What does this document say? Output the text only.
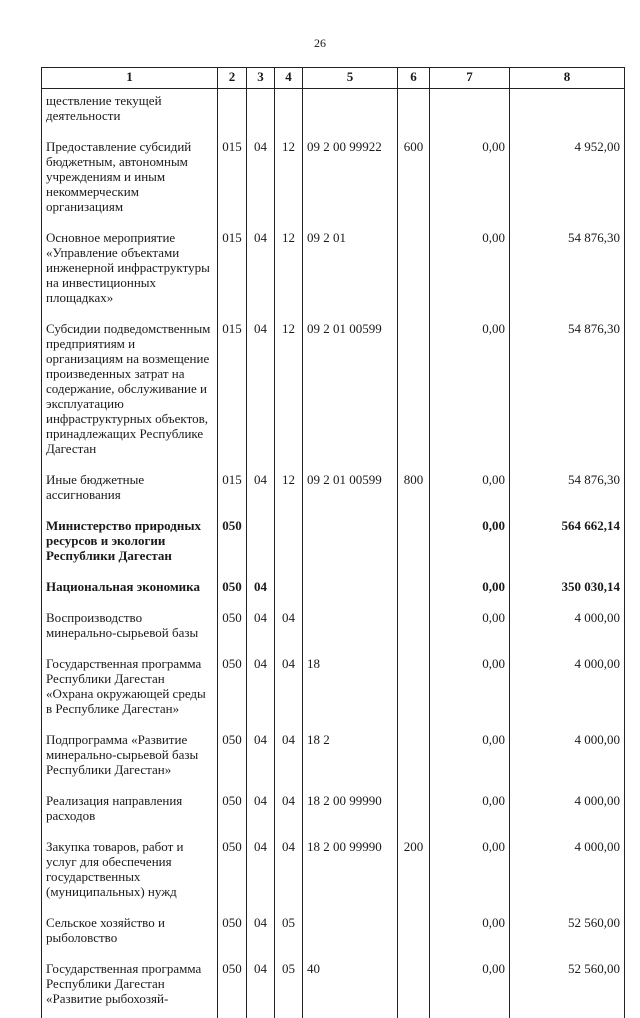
26
1	2	3	4	5	6	7	8
ществление текущей деятельности							
Предоставление субсидий бюджетным, автономным учреждениям и иным некоммерческим организациям	015	04	12	09 2 00 99922	600	0,00	4 952,00
Основное мероприятие «Управление объектами инженерной инфраструктуры на инвестиционных площадках»	015	04	12	09 2 01		0,00	54 876,30
Субсидии подведомственным предприятиям и организациям на возмещение произведенных затрат на содержание, обслуживание и эксплуатацию инфраструктурных объектов, принадлежащих Республике Дагестан	015	04	12	09 2 01 00599		0,00	54 876,30
Иные бюджетные ассигнования	015	04	12	09 2 01 00599	800	0,00	54 876,30
Министерство природных ресурсов и экологии Республики Дагестан	050					0,00	564 662,14
Национальная экономика	050	04				0,00	350 030,14
Воспроизводство минерально-сырьевой базы	050	04	04			0,00	4 000,00
Государственная программа Республики Дагестан «Охрана окружающей среды в Республике Дагестан»	050	04	04	18		0,00	4 000,00
Подпрограмма «Развитие минерально-сырьевой базы Республики Дагестан»	050	04	04	18 2		0,00	4 000,00
Реализация направления расходов	050	04	04	18 2 00 99990		0,00	4 000,00
Закупка товаров, работ и услуг для обеспечения государственных (муниципальных) нужд	050	04	04	18 2 00 99990	200	0,00	4 000,00
Сельское хозяйство и рыболовство	050	04	05			0,00	52 560,00
Государственная программа Республики Дагестан «Развитие рыбохозяй-	050	04	05	40		0,00	52 560,00
